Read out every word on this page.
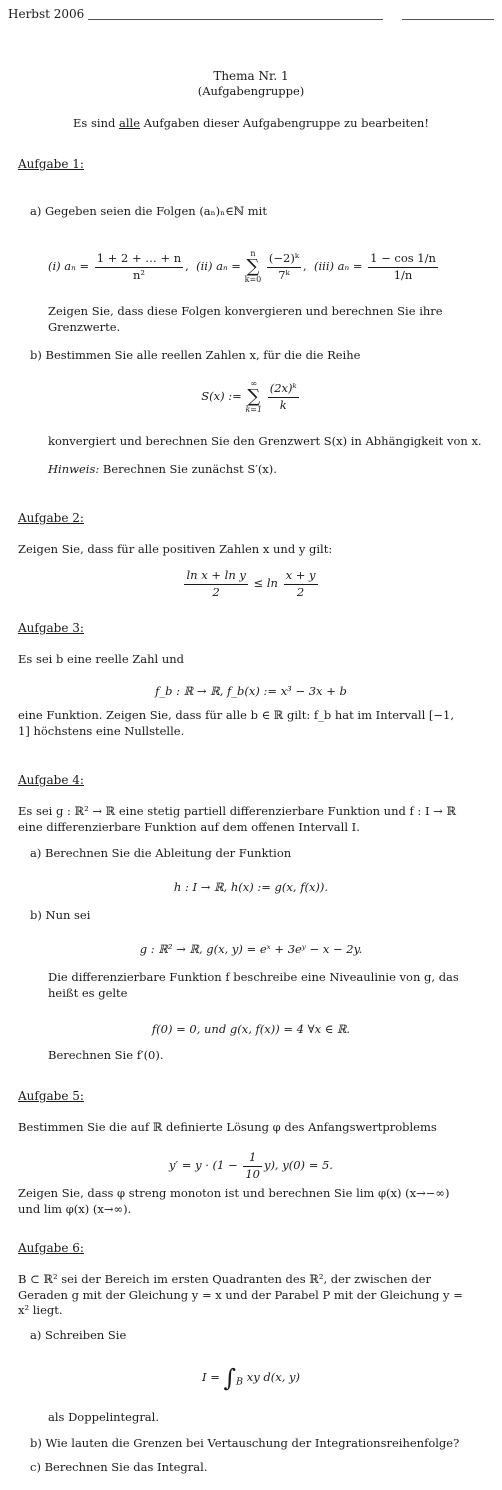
Herbst 2006
Thema Nr. 1
(Aufgabengruppe)
Es sind alle Aufgaben dieser Aufgabengruppe zu bearbeiten!
Aufgabe 1:
a) Gegeben seien die Folgen (aₙ)ₙ∈ℕ mit
(i) $a_n = \frac{1 + 2 + \dots + n}{\text{n²}}$ ,  (ii) aₙ = n
∑
$k=0 \frac{\text{(−2)ᵏ}}{\text{7ᵏ}}$ ,  (iii) $a_n = \frac{1 - \cos 1/n}{1/n}$
Zeigen Sie, dass diese Folgen konvergieren und berechnen Sie ihre Grenzwerte.
b) Bestimmen Sie alle reellen Zahlen x, für die die Reihe
S(x) := ∞
∑
$k=1 \frac{\text{(2x)ᵏ}}{k}$
konvergiert und berechnen Sie den Grenzwert S(x) in Abhängigkeit von x.
Hinweis: Berechnen Sie zunächst S′(x).
Aufgabe 2:
Zeigen Sie, dass für alle positiven Zahlen x und y gilt:
$\frac{\text{ln x + ln y}}{2} \le \ln \frac{x + y}{2}$
Aufgabe 3:
Es sei b eine reelle Zahl und
f_b : ℝ → ℝ, f_b(x) := x³ − 3x + b
eine Funktion. Zeigen Sie, dass für alle b ∈ ℝ gilt: f_b hat im Intervall [−1, 1] höchstens eine Nullstelle.
Aufgabe 4:
Es sei g : ℝ² → ℝ eine stetig partiell differenzierbare Funktion und f : I → ℝ eine differenzierbare Funktion auf dem offenen Intervall I.
a) Berechnen Sie die Ableitung der Funktion
h : I → ℝ, h(x) := g(x, f(x)).
b) Nun sei
g : ℝ² → ℝ, g(x, y) = eˣ + 3eʸ − x − 2y.
Die differenzierbare Funktion f beschreibe eine Niveaulinie von g, das heißt es gelte
f(0) = 0, und g(x, f(x)) = 4 ∀x ∈ ℝ.
Berechnen Sie f′(0).
Aufgabe 5:
Bestimmen Sie die auf ℝ definierte Lösung φ des Anfangswertproblems
$y' = y \cdot (1 - \frac{1}{10} y)$, y(0) = 5.
Zeigen Sie, dass φ streng monoton ist und berechnen Sie lim φ(x) (x→−∞) und lim φ(x) (x→∞).
Aufgabe 6:
B ⊂ ℝ² sei der Bereich im ersten Quadranten des ℝ², der zwischen der Geraden g mit der Gleichung y = x und der Parabel P mit der Gleichung y = x² liegt.
a) Schreiben Sie
$I = \int_B$ xy d(x, y)
als Doppelintegral.
b) Wie lauten die Grenzen bei Vertauschung der Integrationsreihenfolge?
c) Berechnen Sie das Integral.
